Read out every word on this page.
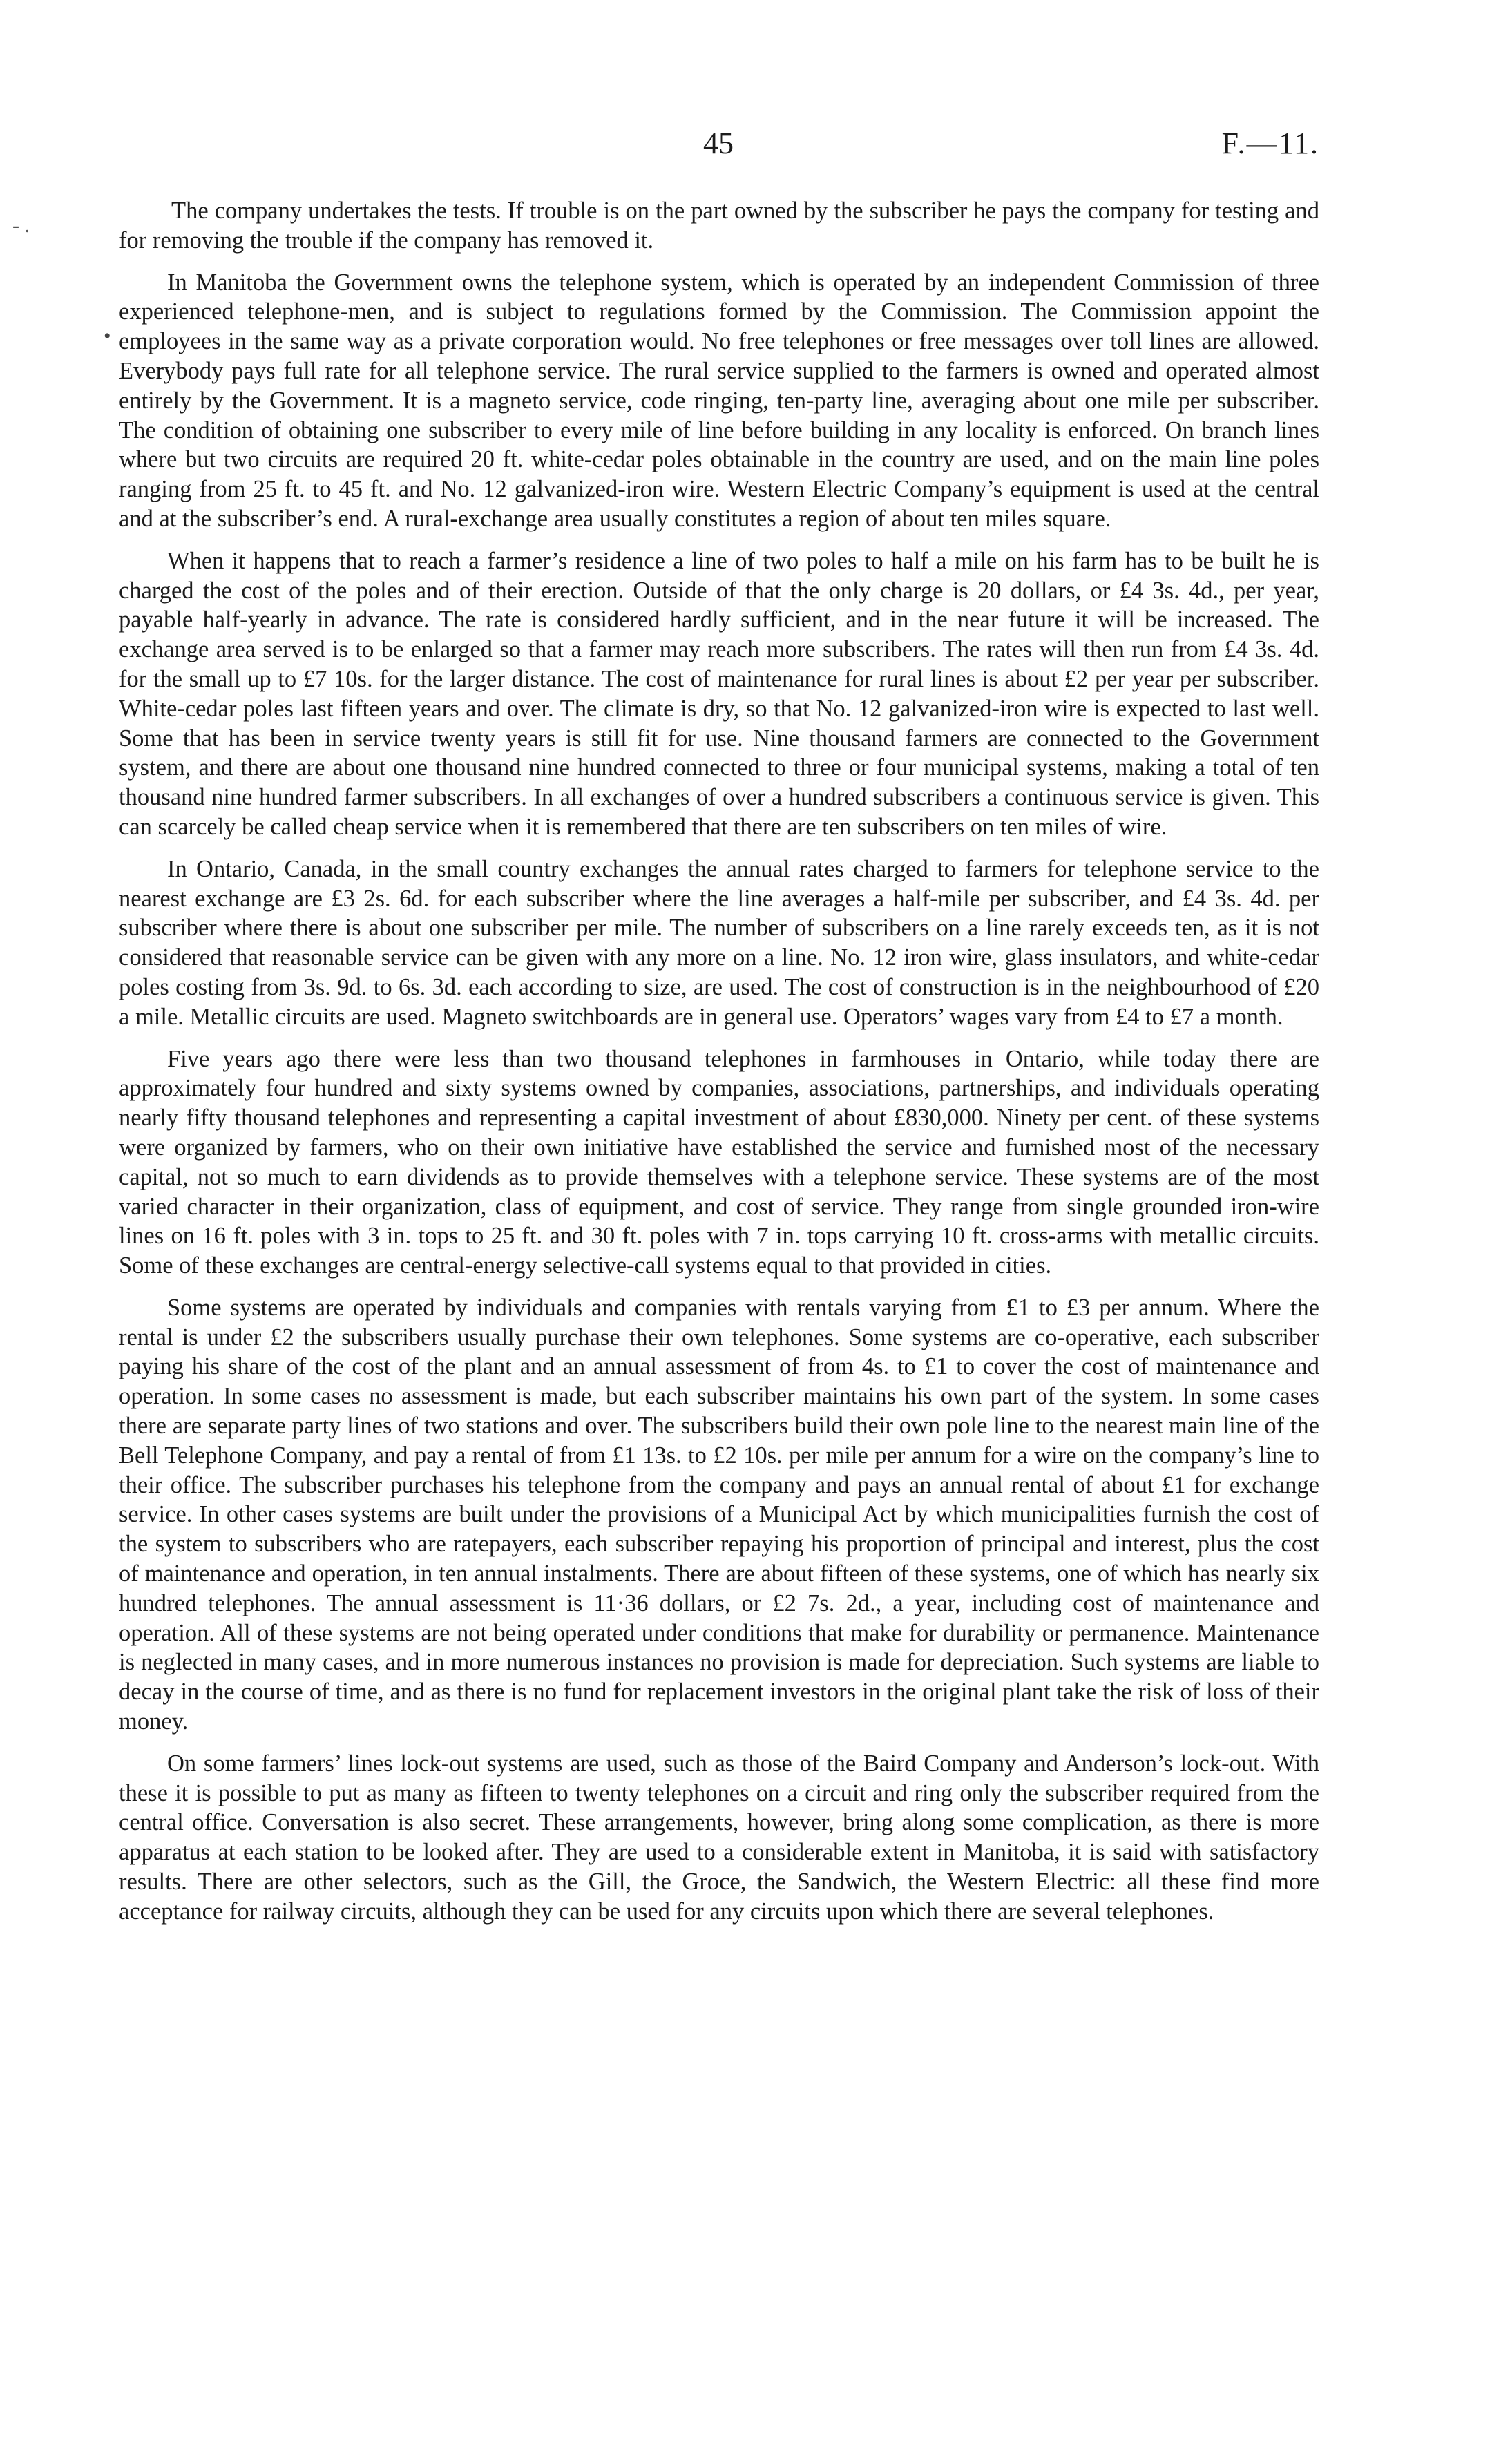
45	F.—11.
- .
•

The company undertakes the tests. If trouble is on the part owned by the subscriber he pays the company for testing and for removing the trouble if the company has removed it.

In Manitoba the Government owns the telephone system, which is operated by an independent Commission of three experienced telephone-men, and is subject to regulations formed by the Commission. The Commission appoint the employees in the same way as a private corporation would. No free telephones or free messages over toll lines are allowed. Everybody pays full rate for all telephone service. The rural service supplied to the farmers is owned and operated almost entirely by the Government. It is a magneto service, code ringing, ten-party line, averaging about one mile per subscriber. The condition of obtaining one subscriber to every mile of line before building in any locality is enforced. On branch lines where but two circuits are required 20 ft. white-cedar poles obtainable in the country are used, and on the main line poles ranging from 25 ft. to 45 ft. and No. 12 galvanized-iron wire. Western Electric Company’s equipment is used at the central and at the subscriber’s end. A rural-exchange area usually constitutes a region of about ten miles square.

When it happens that to reach a farmer’s residence a line of two poles to half a mile on his farm has to be built he is charged the cost of the poles and of their erection. Outside of that the only charge is 20 dollars, or £4 3s. 4d., per year, payable half-yearly in advance. The rate is considered hardly sufficient, and in the near future it will be increased. The exchange area served is to be enlarged so that a farmer may reach more subscribers. The rates will then run from £4 3s. 4d. for the small up to £7 10s. for the larger distance. The cost of maintenance for rural lines is about £2 per year per subscriber. White-cedar poles last fifteen years and over. The climate is dry, so that No. 12 galvanized-iron wire is expected to last well. Some that has been in service twenty years is still fit for use. Nine thousand farmers are connected to the Government system, and there are about one thousand nine hundred connected to three or four municipal systems, making a total of ten thousand nine hundred farmer subscribers. In all exchanges of over a hundred subscribers a continuous service is given. This can scarcely be called cheap service when it is remembered that there are ten subscribers on ten miles of wire.

In Ontario, Canada, in the small country exchanges the annual rates charged to farmers for telephone service to the nearest exchange are £3 2s. 6d. for each subscriber where the line averages a half-mile per subscriber, and £4 3s. 4d. per subscriber where there is about one subscriber per mile. The number of subscribers on a line rarely exceeds ten, as it is not considered that reasonable service can be given with any more on a line. No. 12 iron wire, glass insulators, and white-cedar poles costing from 3s. 9d. to 6s. 3d. each according to size, are used. The cost of construction is in the neighbourhood of £20 a mile. Metallic circuits are used. Magneto switchboards are in general use. Operators’ wages vary from £4 to £7 a month.

Five years ago there were less than two thousand telephones in farmhouses in Ontario, while today there are approximately four hundred and sixty systems owned by companies, associations, partnerships, and individuals operating nearly fifty thousand telephones and representing a capital investment of about £830,000. Ninety per cent. of these systems were organized by farmers, who on their own initiative have established the service and furnished most of the necessary capital, not so much to earn dividends as to provide themselves with a telephone service. These systems are of the most varied character in their organization, class of equipment, and cost of service. They range from single grounded iron-wire lines on 16 ft. poles with 3 in. tops to 25 ft. and 30 ft. poles with 7 in. tops carrying 10 ft. cross-arms with metallic circuits. Some of these exchanges are central-energy selective-call systems equal to that provided in cities.

Some systems are operated by individuals and companies with rentals varying from £1 to £3 per annum. Where the rental is under £2 the subscribers usually purchase their own telephones. Some systems are co-operative, each subscriber paying his share of the cost of the plant and an annual assessment of from 4s. to £1 to cover the cost of maintenance and operation. In some cases no assessment is made, but each subscriber maintains his own part of the system. In some cases there are separate party lines of two stations and over. The subscribers build their own pole line to the nearest main line of the Bell Telephone Company, and pay a rental of from £1 13s. to £2 10s. per mile per annum for a wire on the company’s line to their office. The subscriber purchases his telephone from the company and pays an annual rental of about £1 for exchange service. In other cases systems are built under the provisions of a Municipal Act by which municipalities furnish the cost of the system to subscribers who are ratepayers, each subscriber repaying his proportion of principal and interest, plus the cost of maintenance and operation, in ten annual instalments. There are about fifteen of these systems, one of which has nearly six hundred telephones. The annual assessment is 11·36 dollars, or £2 7s. 2d., a year, including cost of maintenance and operation. All of these systems are not being operated under conditions that make for durability or permanence. Maintenance is neglected in many cases, and in more numerous instances no provision is made for depreciation. Such systems are liable to decay in the course of time, and as there is no fund for replacement investors in the original plant take the risk of loss of their money.

On some farmers’ lines lock-out systems are used, such as those of the Baird Company and Anderson’s lock-out. With these it is possible to put as many as fifteen to twenty telephones on a circuit and ring only the subscriber required from the central office. Conversation is also secret. These arrangements, however, bring along some complication, as there is more apparatus at each station to be looked after. They are used to a considerable extent in Manitoba, it is said with satisfactory results. There are other selectors, such as the Gill, the Groce, the Sandwich, the Western Electric: all these find more acceptance for railway circuits, although they can be used for any circuits upon which there are several telephones.
